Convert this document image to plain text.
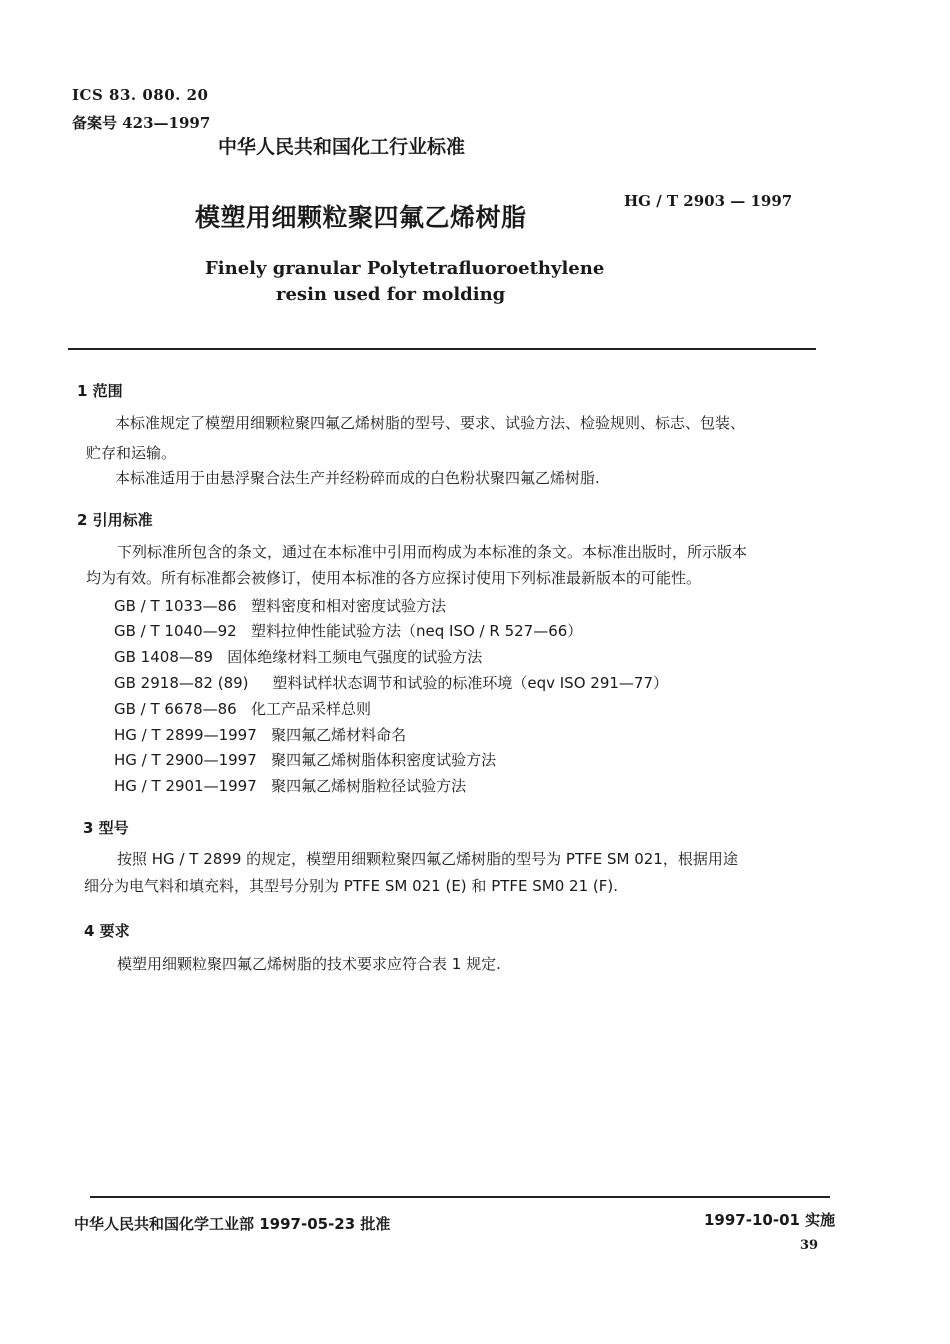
ICS 83. 080. 20
备案号 423—1997
中华人民共和国化工行业标准
模塑用细颗粒聚四氟乙烯树脂
HG / T 2903 — 1997
Finely granular Polytetrafluoroethylene
resin used for molding
1 范围
本标准规定了模塑用细颗粒聚四氟乙烯树脂的型号、要求、试验方法、检验规则、标志、包装、
贮存和运输。
本标准适用于由悬浮聚合法生产并经粉碎而成的白色粉状聚四氟乙烯树脂.
2 引用标准
下列标准所包含的条文，通过在本标准中引用而构成为本标准的条文。本标准出版时，所示版本
均为有效。所有标准都会被修订，使用本标准的各方应探讨使用下列标准最新版本的可能性。
GB / T 1033—86 塑料密度和相对密度试验方法
GB / T 1040—92 塑料拉伸性能试验方法（neq ISO / R 527—66）
GB 1408—89 固体绝缘材料工频电气强度的试验方法
GB 2918—82 (89) 塑料试样状态调节和试验的标准环境（eqv ISO 291—77）
GB / T 6678—86 化工产品采样总则
HG / T 2899—1997 聚四氟乙烯材料命名
HG / T 2900—1997 聚四氟乙烯树脂体积密度试验方法
HG / T 2901—1997 聚四氟乙烯树脂粒径试验方法
3 型号
按照 HG / T 2899 的规定，模塑用细颗粒聚四氟乙烯树脂的型号为 PTFE SM 021，根据用途
细分为电气料和填充料，其型号分别为 PTFE SM 021 (E) 和 PTFE SM0 21 (F).
4 要求
模塑用细颗粒聚四氟乙烯树脂的技术要求应符合表 1 规定.
中华人民共和国化学工业部 1997-05-23 批准	1997-10-01 实施
39
